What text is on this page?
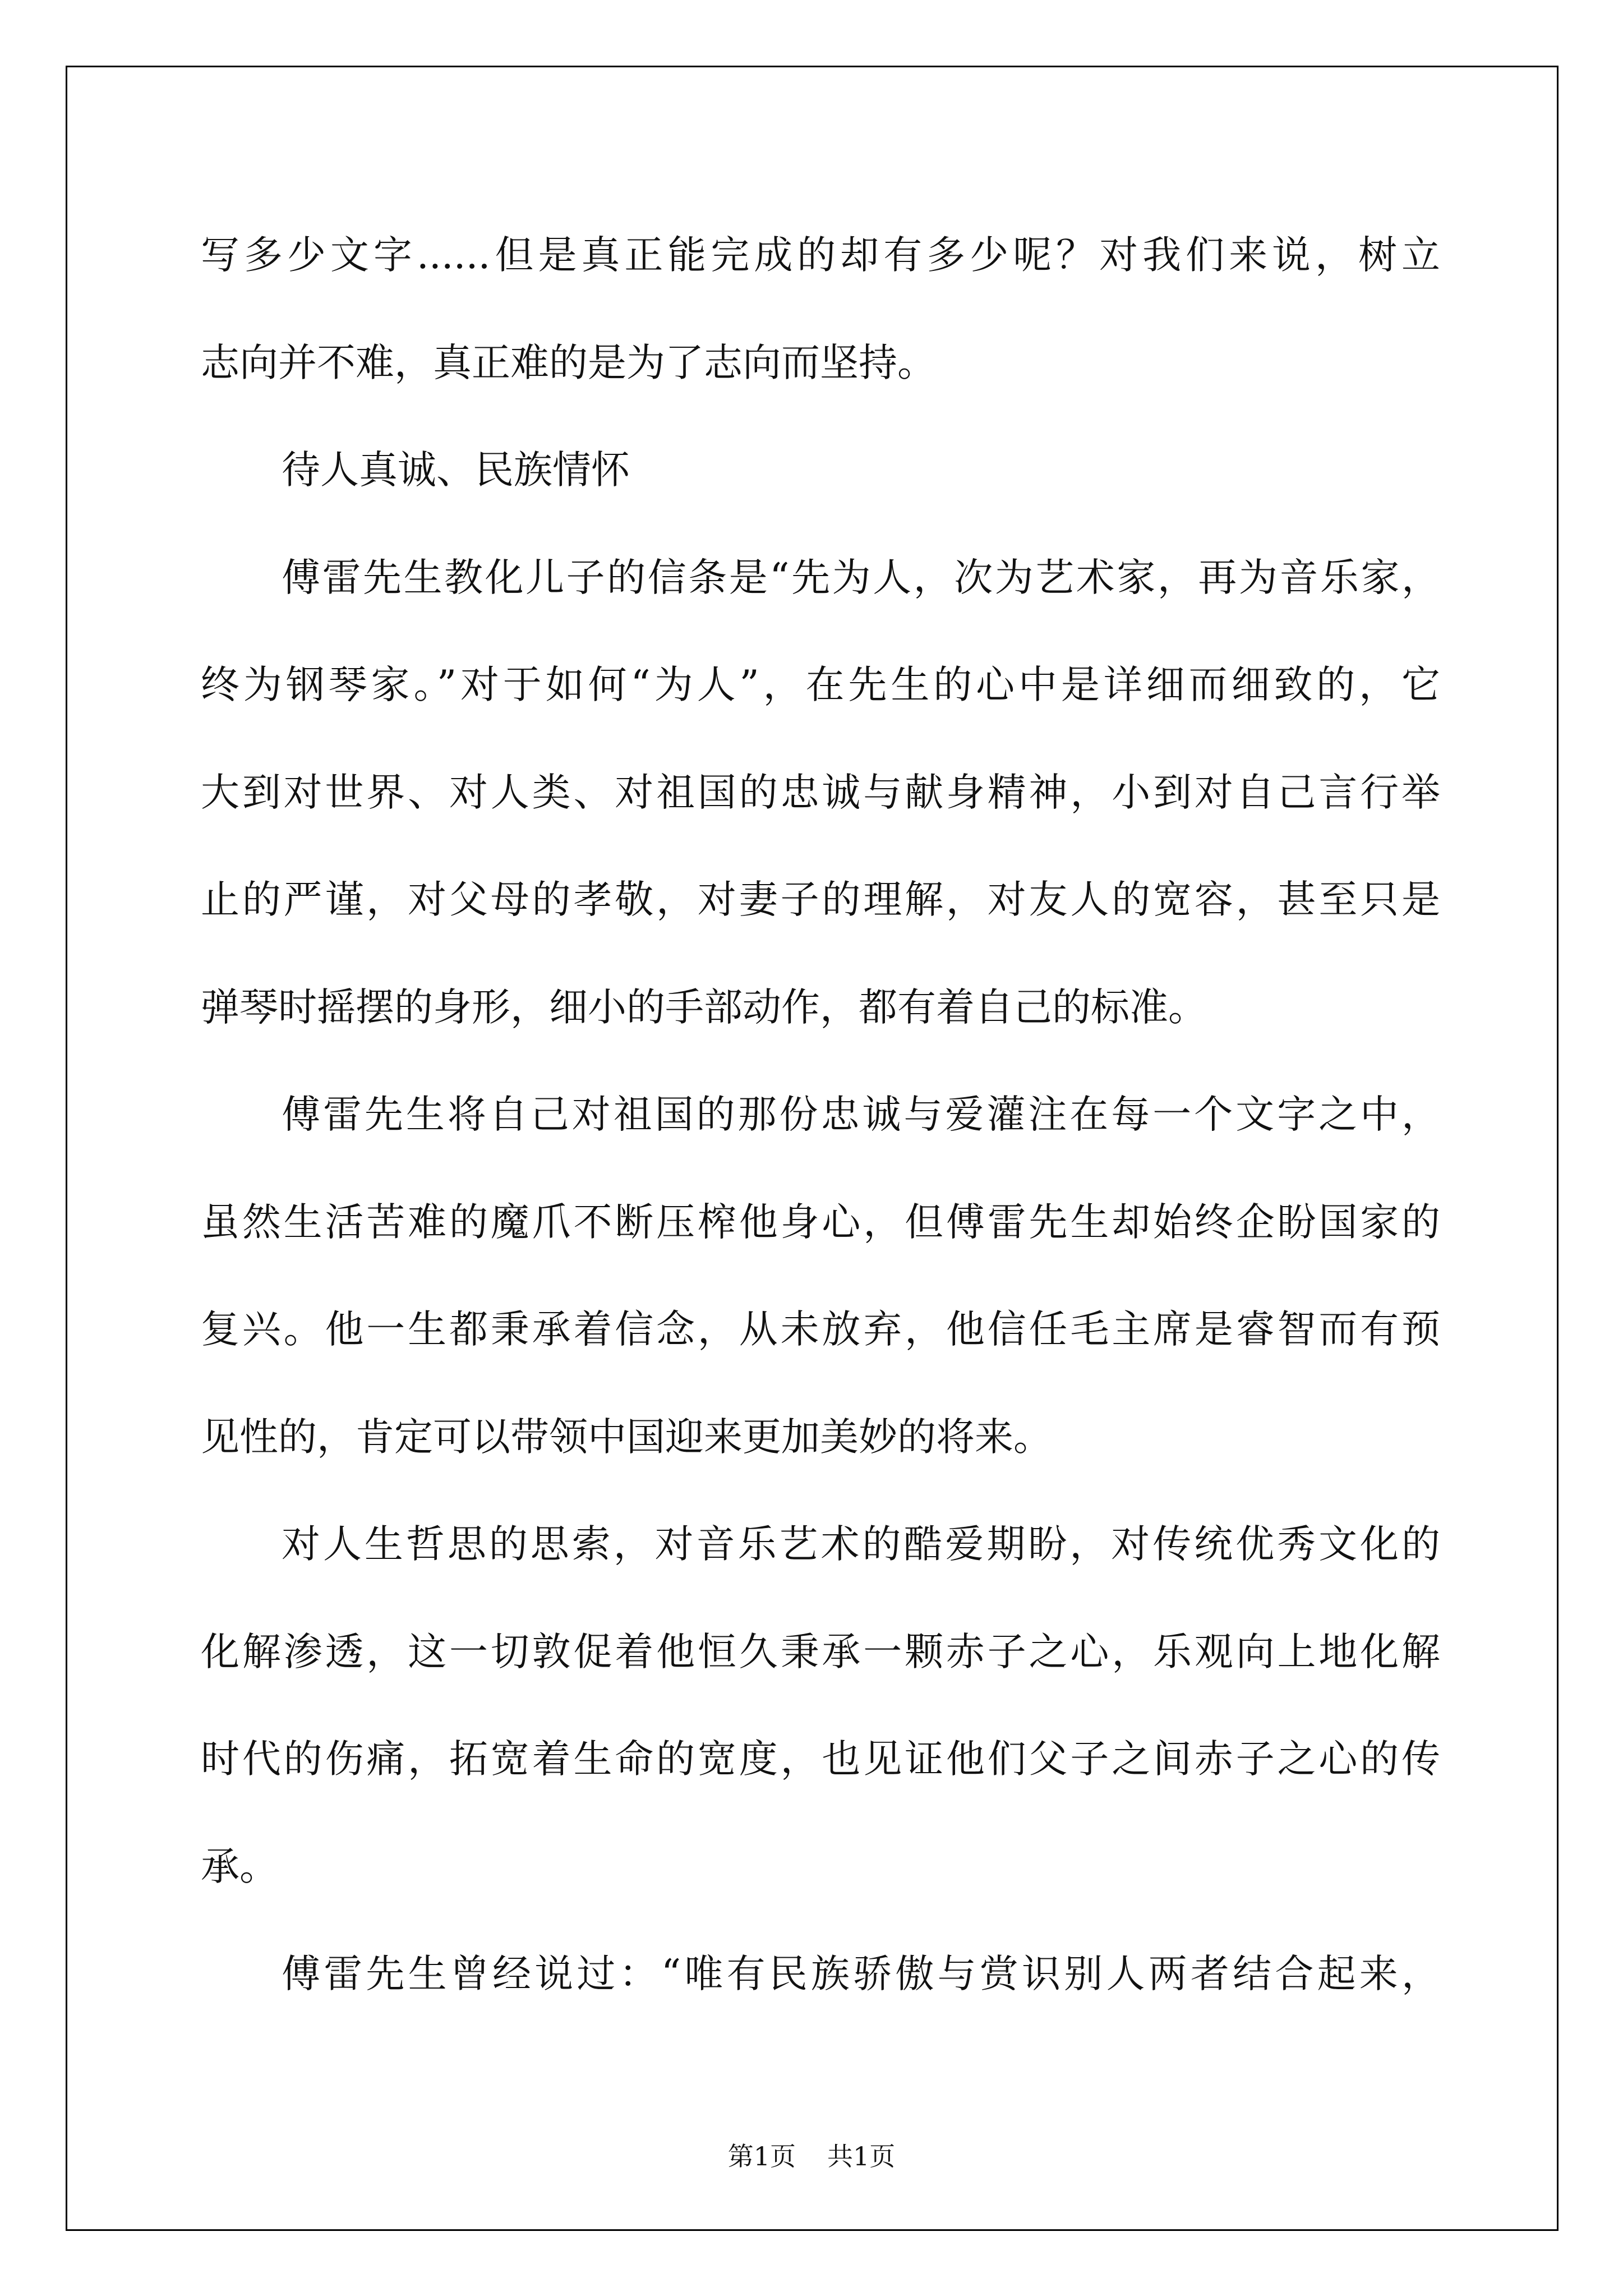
写多少文字......但是真正能完成的却有多少呢？对我们来说，树立
志向并不难，真正难的是为了志向而坚持。
待人真诚、民族情怀
傅雷先生教化儿子的信条是“先为人，次为艺术家，再为音乐家，
终为钢琴家。”对于如何“为人”，在先生的心中是详细而细致的，它
大到对世界、对人类、对祖国的忠诚与献身精神，小到对自己言行举
止的严谨，对父母的孝敬，对妻子的理解，对友人的宽容，甚至只是
弹琴时摇摆的身形，细小的手部动作，都有着自己的标准。
傅雷先生将自己对祖国的那份忠诚与爱灌注在每一个文字之中，
虽然生活苦难的魔爪不断压榨他身心，但傅雷先生却始终企盼国家的
复兴。他一生都秉承着信念，从未放弃，他信任毛主席是睿智而有预
见性的，肯定可以带领中国迎来更加美妙的将来。
对人生哲思的思索，对音乐艺术的酷爱期盼，对传统优秀文化的
化解渗透，这一切敦促着他恒久秉承一颗赤子之心，乐观向上地化解
时代的伤痛，拓宽着生命的宽度，也见证他们父子之间赤子之心的传
承。
傅雷先生曾经说过：“唯有民族骄傲与赏识别人两者结合起来，
第1页 共1页
